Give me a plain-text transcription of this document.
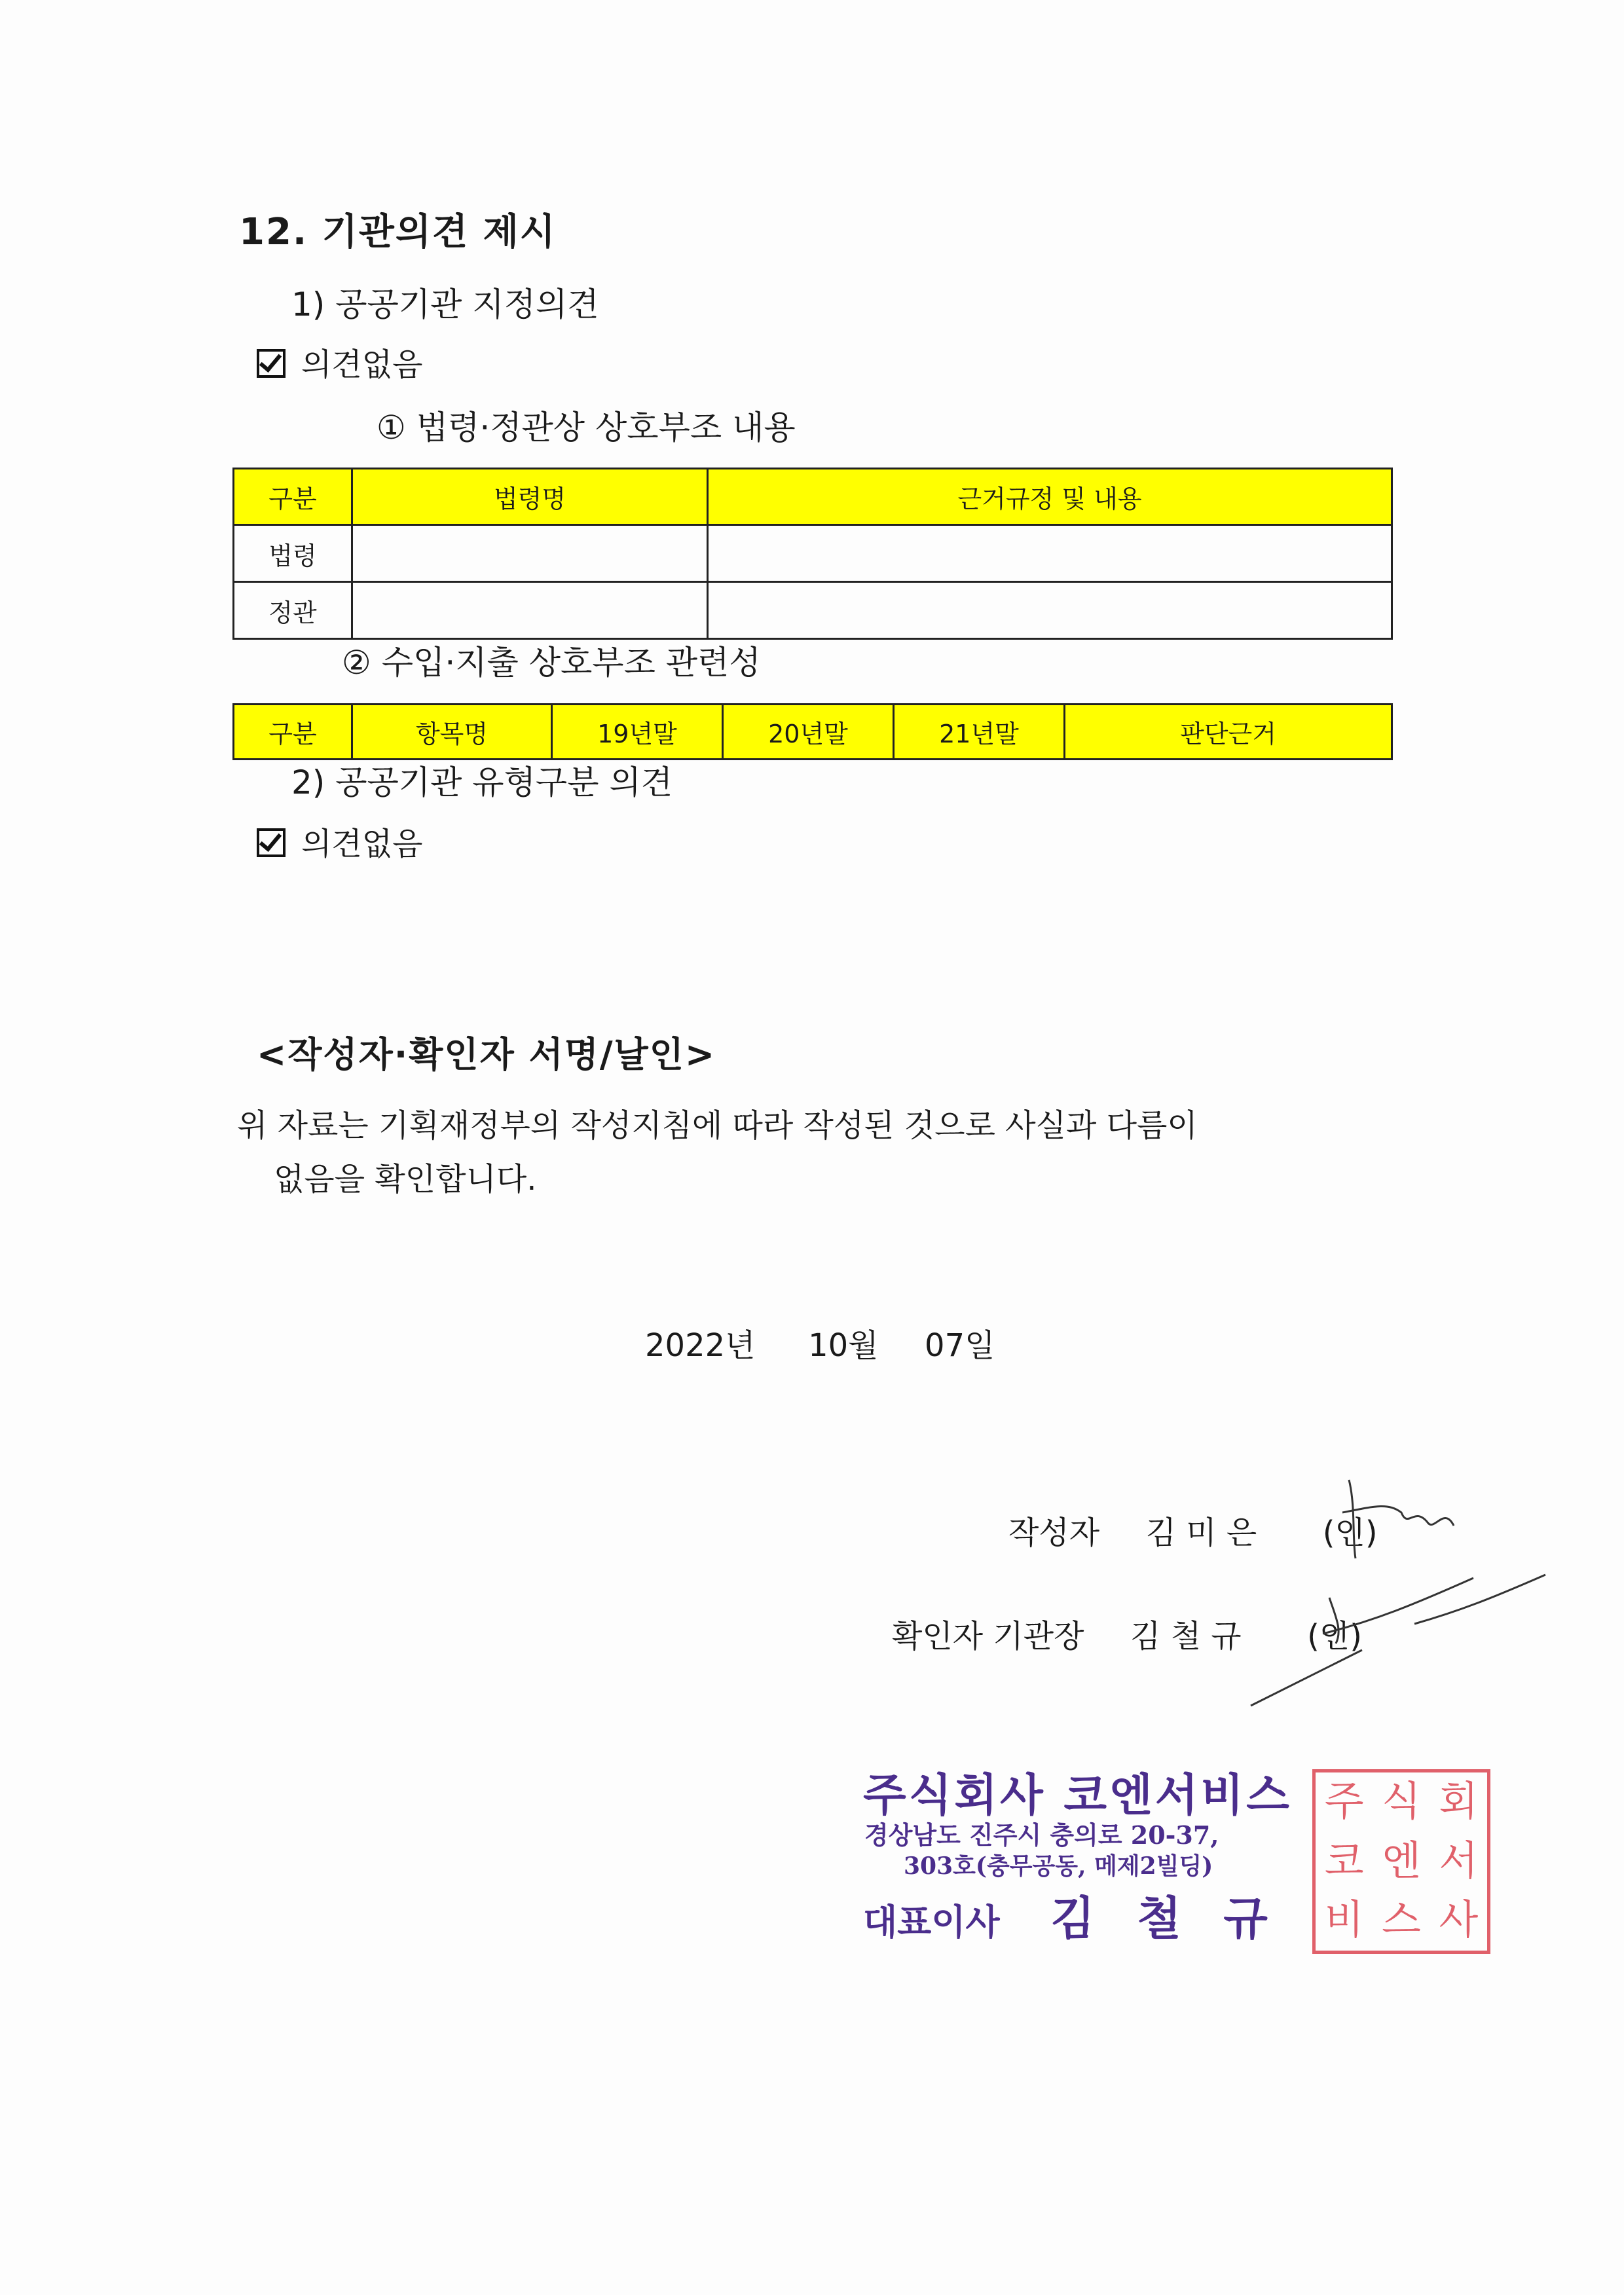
12. 기관의견 제시
1) 공공기관 지정의견
의견없음
① 법령·정관상 상호부조 내용
구분	법령명	근거규정 및 내용
법령		
정관		
② 수입·지출 상호부조 관련성
구분	항목명	19년말	20년말	21년말	판단근거
2) 공공기관 유형구분 의견
의견없음
<작성자·확인자 서명/날인>
위 자료는 기획재정부의 작성지침에 따라 작성된 것으로 사실과 다름이
없음을 확인합니다.
2022년 10월 07일
작성자 김 미 은 (인)
확인자 기관장 김 철 규 (인)
주식회사 코엔서비스
경상남도 진주시 충의로 20-37,
303호(충무공동, 메제2빌딩)
대표이사 김 철 규
주 식 회
코 엔 서
비 스 사
